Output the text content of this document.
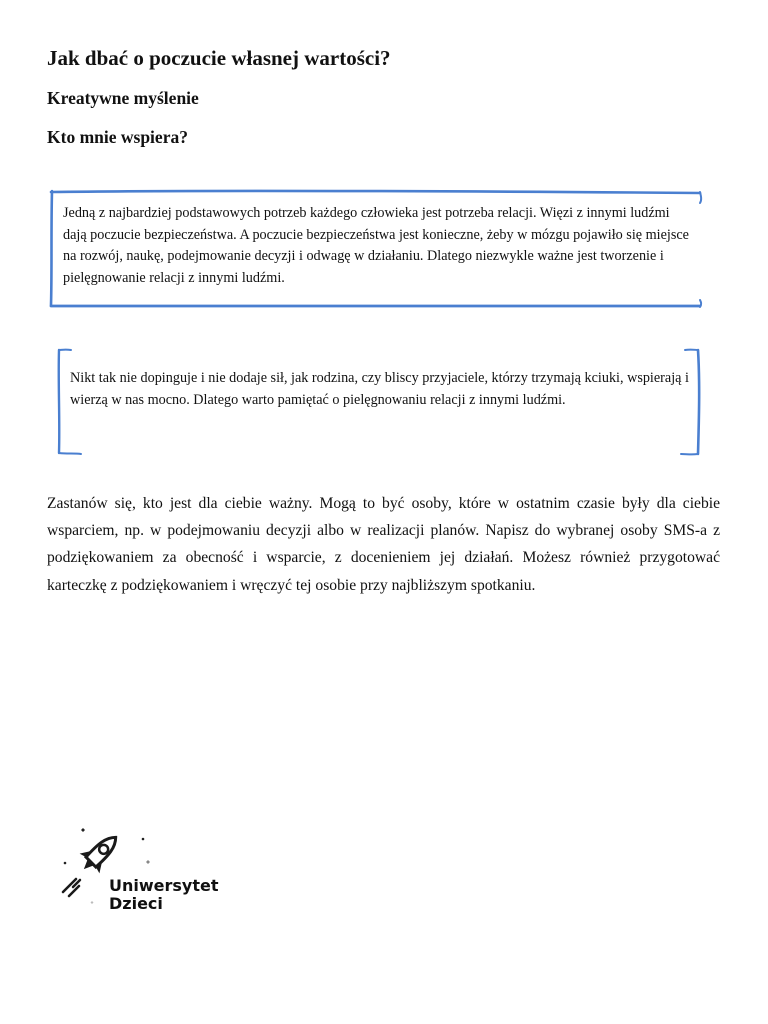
Jak dbać o poczucie własnej wartości?
Kreatywne myślenie
Kto mnie wspiera?
Jedną z najbardziej podstawowych potrzeb każdego człowieka jest potrzeba relacji. Więzi z innymi ludźmi dają poczucie bezpieczeństwa. A poczucie bezpieczeństwa jest konieczne, żeby w mózgu pojawiło się miejsce na rozwój, naukę, podejmowanie decyzji i odwagę w działaniu. Dlatego niezwykle ważne jest tworzenie i pielęgnowanie relacji z innymi ludźmi.
Nikt tak nie dopinguje i nie dodaje sił, jak rodzina, czy bliscy przyjaciele, którzy trzymają kciuki, wspierają i wierzą w nas mocno. Dlatego warto pamiętać o pielęgnowaniu relacji z innymi ludźmi.

Zastanów się, kto jest dla ciebie ważny. Mogą to być osoby, które w ostatnim czasie były dla ciebie wsparciem, np. w podejmowaniu decyzji albo w realizacji planów. Napisz do wybranej osoby SMS-a z podziękowaniem za obecność i wsparcie, z docenieniem jej działań. Możesz również przygotować karteczkę z podziękowaniem i wręczyć tej osobie przy najbliższym spotkaniu.

Uniwersytet
Dzieci
